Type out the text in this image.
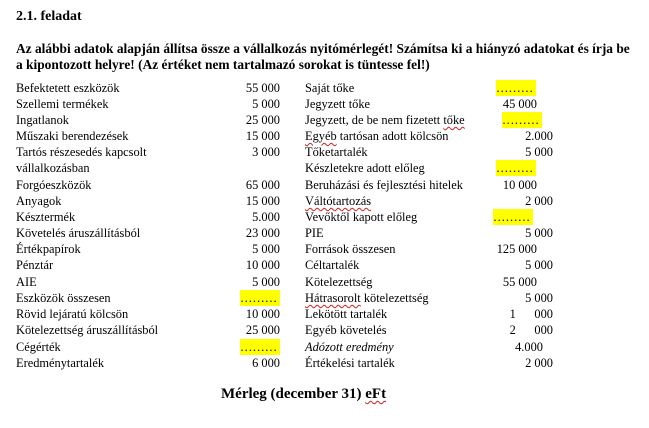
2.1. feladat
Az alábbi adatok alapján állítsa össze a vállalkozás nyitómérlegét! Számítsa ki a hiányzó adatokat és írja be a kipontozott helyre! (Az értéket nem tartalmazó sorokat is tüntesse fel!)
Befektetett eszközök	55 000
Szellemi termékek	5 000
Ingatlanok	25 000
Műszaki berendezések	15 000
Tartós részesedés kapcsolt	3 000
vállalkozásban
Forgóeszközök	65 000
Anyagok	15 000
Késztermék	5.000
Követelés áruszállításból	23 000
Értékpapírok	5 000
Pénztár	10 000
AIE	5 000
Eszközök összesen	………
Rövid lejáratú kölcsön	10 000
Kötelezettség áruszállításból	25 000
Cégérték	………
Eredménytartalék	6 000
Saját tőke	………
Jegyzett tőke	45 000
Jegyzett, de be nem fizetett tőke	………
Egyéb tartósan adott kölcsön	2.000
Tőketartalék	5 000
Készletekre adott előleg	………
Beruházási és fejlesztési hitelek	10 000
Váltótartozás	2 000
Vevőktől kapott előleg	………
PIE	5 000
Források összesen	125 000
Céltartalék	5 000
Kötelezettség	55 000
Hátrasorolt kötelezettség	5 000
Lekötött tartalék	1      000
Egyéb követelés	2      000
Adózott eredmény	4.000
Értékelési tartalék	2 000
Mérleg (december 31) eFt
